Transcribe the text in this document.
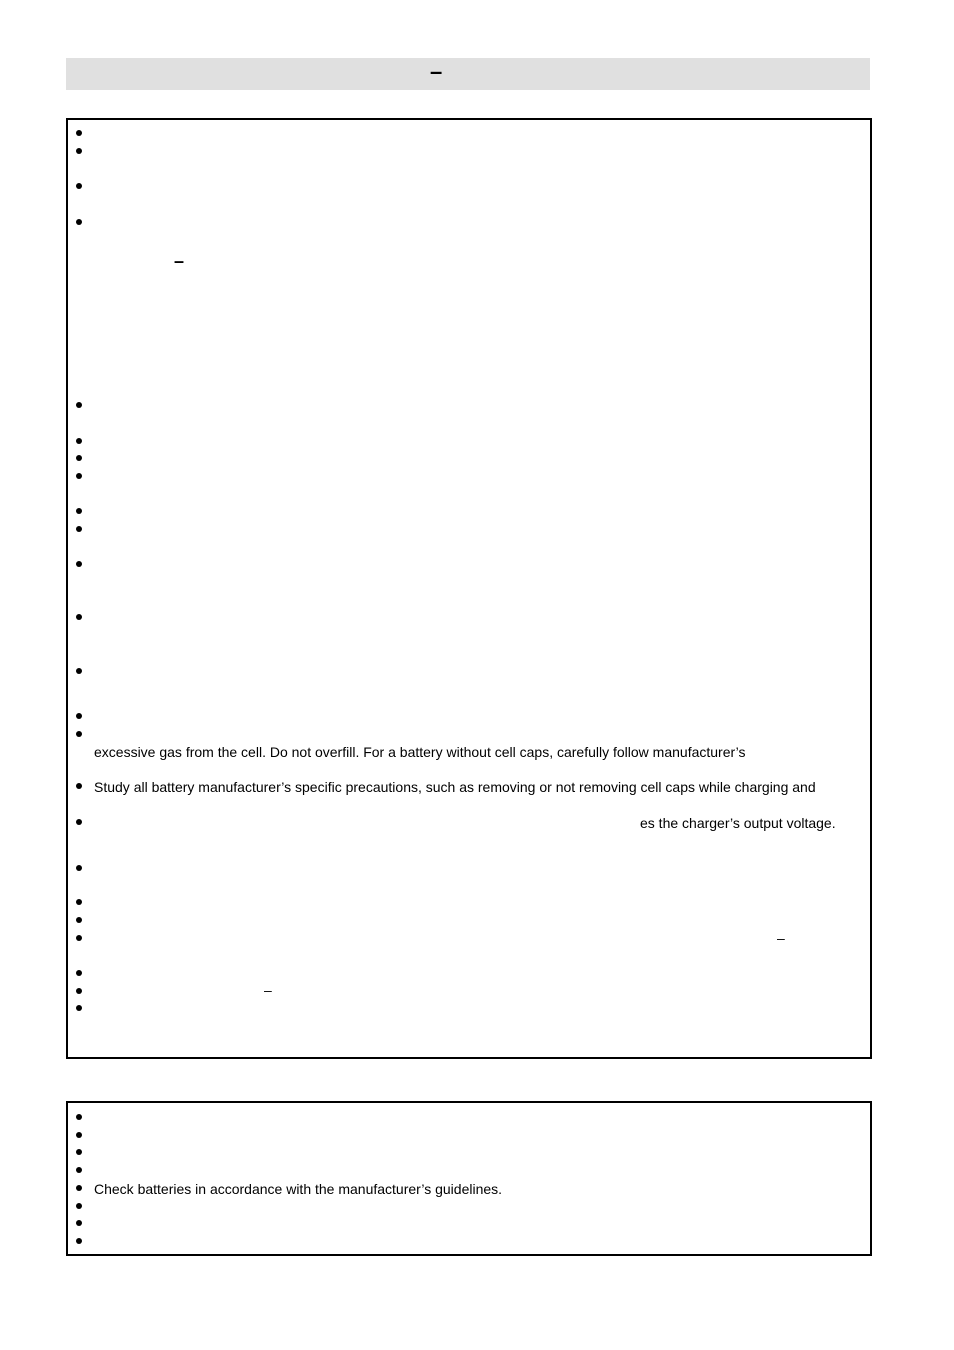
–
–
excessive gas from the cell. Do not overfill. For a battery without cell caps, carefully follow manufacturer’s
Study all battery manufacturer’s specific precautions, such as removing or not removing cell caps while charging and
es the charger’s output voltage.
–
–
Check batteries in accordance with the manufacturer’s guidelines.
